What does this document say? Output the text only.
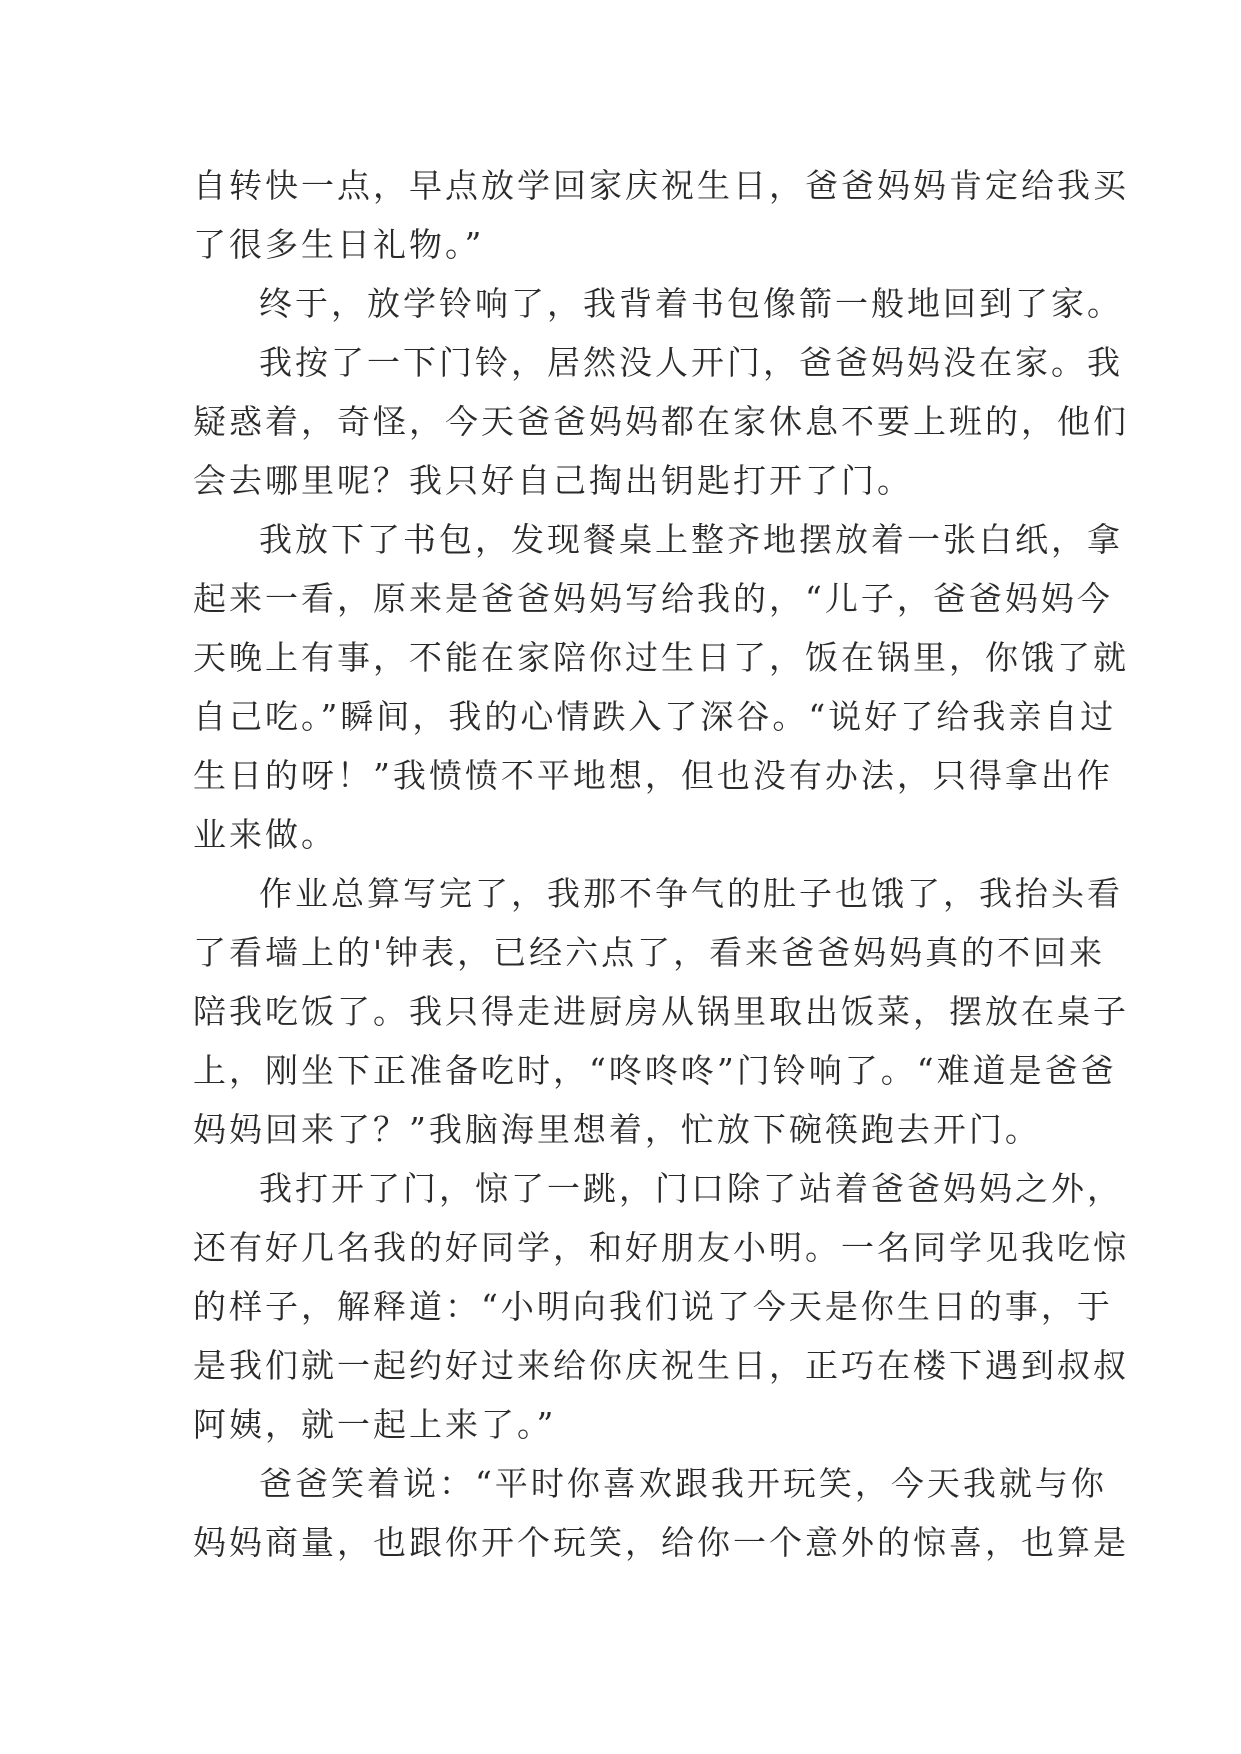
自转快一点，早点放学回家庆祝生日，爸爸妈妈肯定给我买
了很多生日礼物。”
终于，放学铃响了，我背着书包像箭一般地回到了家。
我按了一下门铃，居然没人开门，爸爸妈妈没在家。我
疑惑着，奇怪，今天爸爸妈妈都在家休息不要上班的，他们
会去哪里呢？我只好自己掏出钥匙打开了门。
我放下了书包，发现餐桌上整齐地摆放着一张白纸，拿
起来一看，原来是爸爸妈妈写给我的，“儿子，爸爸妈妈今
天晚上有事，不能在家陪你过生日了，饭在锅里，你饿了就
自己吃。”瞬间，我的心情跌入了深谷。“说好了给我亲自过
生日的呀！”我愤愤不平地想，但也没有办法，只得拿出作
业来做。
作业总算写完了，我那不争气的肚子也饿了，我抬头看
了看墙上的'钟表，已经六点了，看来爸爸妈妈真的不回来
陪我吃饭了。我只得走进厨房从锅里取出饭菜，摆放在桌子
上，刚坐下正准备吃时，“咚咚咚”门铃响了。“难道是爸爸
妈妈回来了？”我脑海里想着，忙放下碗筷跑去开门。
我打开了门，惊了一跳，门口除了站着爸爸妈妈之外，
还有好几名我的好同学，和好朋友小明。一名同学见我吃惊
的样子，解释道：“小明向我们说了今天是你生日的事，于
是我们就一起约好过来给你庆祝生日，正巧在楼下遇到叔叔
阿姨，就一起上来了。”
爸爸笑着说：“平时你喜欢跟我开玩笑，今天我就与你
妈妈商量，也跟你开个玩笑，给你一个意外的惊喜，也算是
